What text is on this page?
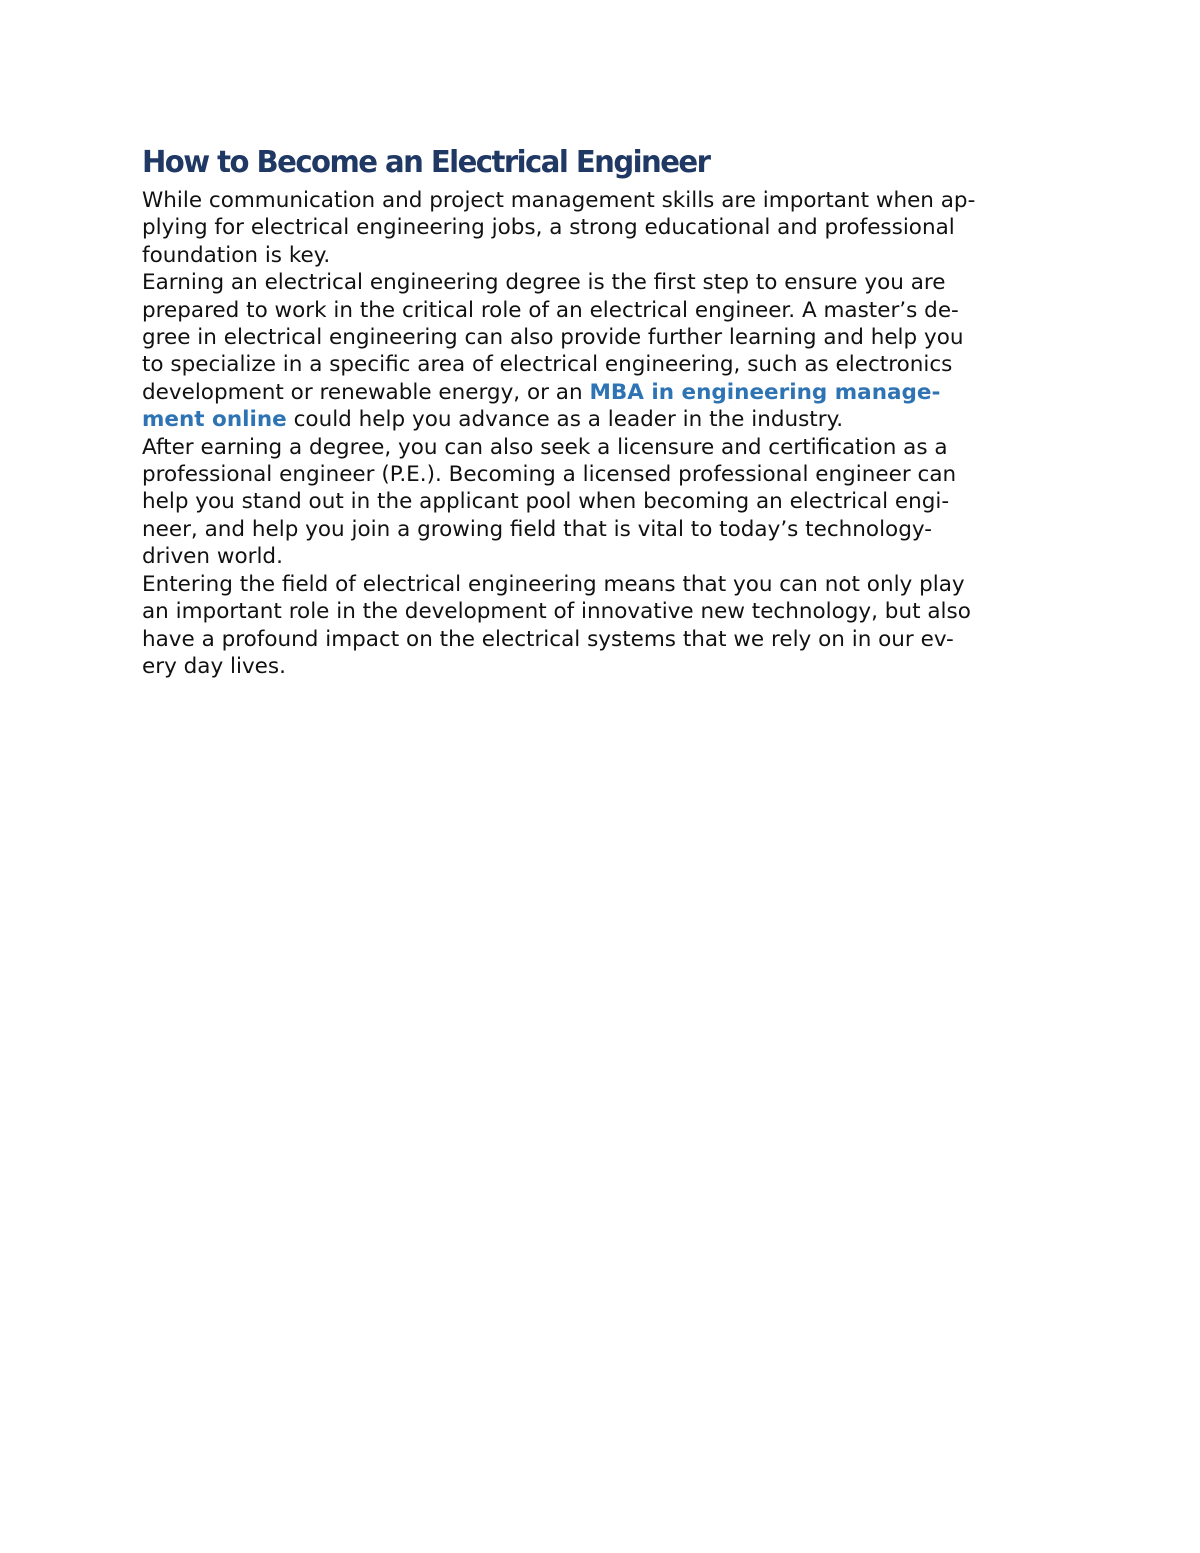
How to Become an Electrical Engineer

While communication and project management skills are important when ap-
plying for electrical engineering jobs, a strong educational and professional
foundation is key.

Earning an electrical engineering degree is the first step to ensure you are
prepared to work in the critical role of an electrical engineer. A master’s de-
gree in electrical engineering can also provide further learning and help you
to specialize in a specific area of electrical engineering, such as electronics
development or renewable energy, or an MBA in engineering manage-
ment online could help you advance as a leader in the industry.

After earning a degree, you can also seek a licensure and certification as a
professional engineer (P.E.). Becoming a licensed professional engineer can
help you stand out in the applicant pool when becoming an electrical engi-
neer, and help you join a growing field that is vital to today’s technology-
driven world.

Entering the field of electrical engineering means that you can not only play
an important role in the development of innovative new technology, but also
have a profound impact on the electrical systems that we rely on in our ev-
ery day lives.
